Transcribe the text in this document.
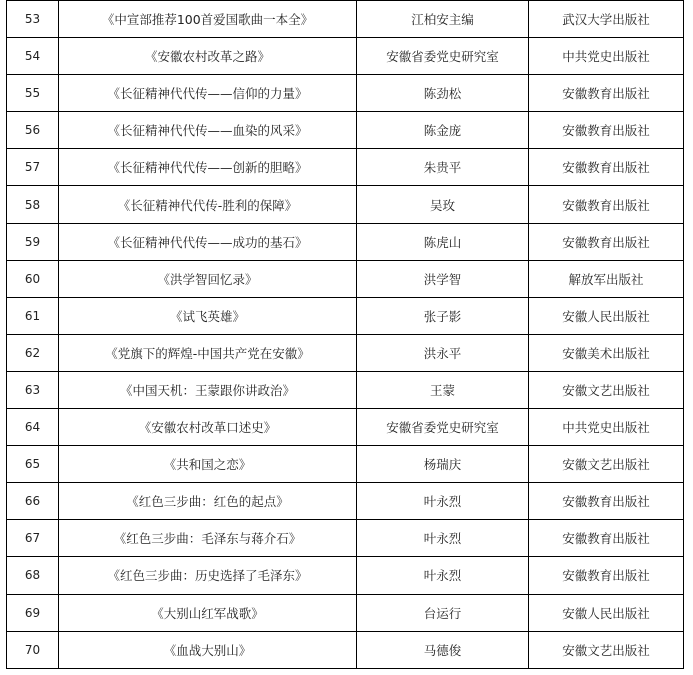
53	《中宣部推荐100首爱国歌曲一本全》	江柏安主编	武汉大学出版社
54	《安徽农村改革之路》	安徽省委党史研究室	中共党史出版社
55	《长征精神代代传——信仰的力量》	陈劲松	安徽教育出版社
56	《长征精神代代传——血染的风采》	陈金庞	安徽教育出版社
57	《长征精神代代传——创新的胆略》	朱贵平	安徽教育出版社
58	《长征精神代代传-胜利的保障》	吴玫	安徽教育出版社
59	《长征精神代代传——成功的基石》	陈虎山	安徽教育出版社
60	《洪学智回忆录》	洪学智	解放军出版社
61	《试飞英雄》	张子影	安徽人民出版社
62	《党旗下的辉煌-中国共产党在安徽》	洪永平	安徽美术出版社
63	《中国天机：王蒙跟你讲政治》	王蒙	安徽文艺出版社
64	《安徽农村改革口述史》	安徽省委党史研究室	中共党史出版社
65	《共和国之恋》	杨瑞庆	安徽文艺出版社
66	《红色三步曲：红色的起点》	叶永烈	安徽教育出版社
67	《红色三步曲：毛泽东与蒋介石》	叶永烈	安徽教育出版社
68	《红色三步曲：历史选择了毛泽东》	叶永烈	安徽教育出版社
69	《大别山红军战歌》	台运行	安徽人民出版社
70	《血战大别山》	马德俊	安徽文艺出版社
